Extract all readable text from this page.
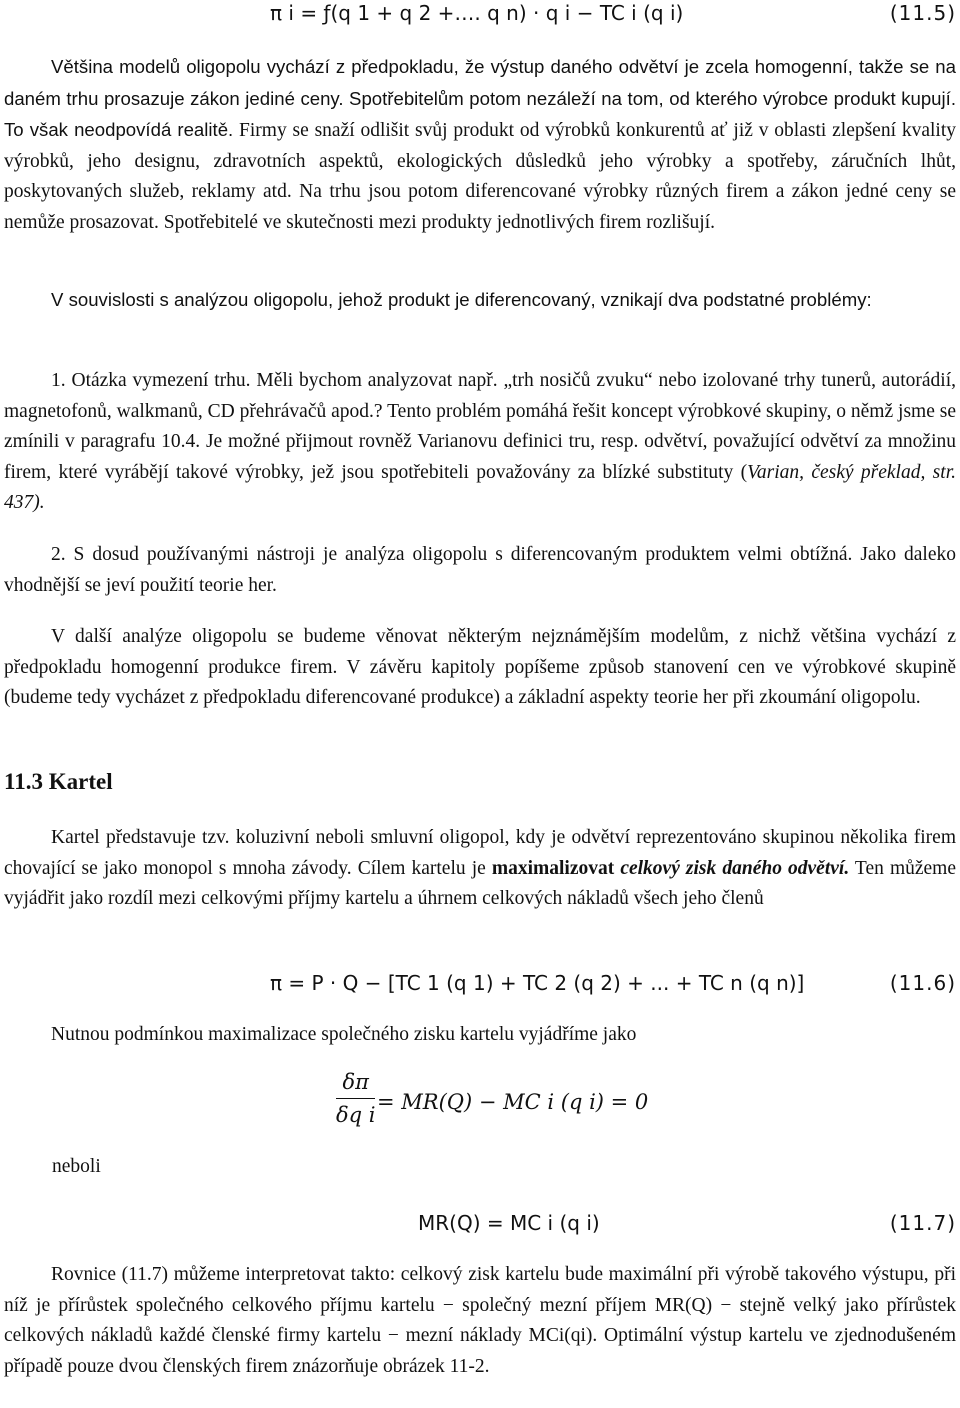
π i = ƒ(q 1 + q 2 +…. q n) · q i − TC i (q i)	(11.5)

Většina modelů oligopolu vychází z předpokladu, že výstup daného odvětví je zcela homogenní, takže se na daném trhu prosazuje zákon jediné ceny. Spotřebitelům potom nezáleží na tom, od kterého výrobce produkt kupují. To však neodpovídá realitě. Firmy se snaží odlišit svůj produkt od výrobků konkurentů ať již v oblasti zlepšení kvality výrobků, jeho designu, zdravotních aspektů, ekologických důsledků jeho výrobky a spotřeby, záručních lhůt, poskytovaných služeb, reklamy atd. Na trhu jsou potom diferencované výrobky různých firem a zákon jedné ceny se nemůže prosazovat. Spotřebitelé ve skutečnosti mezi produkty jednotlivých firem rozlišují.

V souvislosti s analýzou oligopolu, jehož produkt je diferencovaný, vznikají dva podstatné problémy:

1. Otázka vymezení trhu. Měli bychom analyzovat např. „trh nosičů zvuku“ nebo izolované trhy tunerů, autorádií, magnetofonů, walkmanů, CD přehrávačů apod.? Tento problém pomáhá řešit koncept výrobkové skupiny, o němž jsme se zmínili v paragrafu 10.4. Je možné přijmout rovněž Varianovu definici tru, resp. odvětví, považující odvětví za množinu firem, které vyrábějí takové výrobky, jež jsou spotřebiteli považovány za blízké substituty (Varian, český překlad, str. 437).

2. S dosud používanými nástroji je analýza oligopolu s diferencovaným produktem velmi obtížná. Jako daleko vhodnější se jeví použití teorie her.

V další analýze oligopolu se budeme věnovat některým nejznámějším modelům, z nichž většina vychází z předpokladu homogenní produkce firem. V závěru kapitoly popíšeme způsob stanovení cen ve výrobkové skupině (budeme tedy vycházet z předpokladu diferencované produkce) a základní aspekty teorie her při zkoumání oligopolu.

11.3 Kartel

Kartel představuje tzv. koluzivní neboli smluvní oligopol, kdy je odvětví reprezentováno skupinou několika firem chovající se jako monopol s mnoha závody. Cílem kartelu je maximalizovat celkový zisk daného odvětví. Ten můžeme vyjádřit jako rozdíl mezi celkovými příjmy kartelu a úhrnem celkových nákladů všech jeho členů

π = P · Q − [TC 1 (q 1) + TC 2 (q 2) + ... + TC n (q n)]	(11.6)

Nutnou podmínkou maximalizace společného zisku kartelu vyjádříme jako

$\frac{\delta\pi}{\text{δq i}} = MR(Q)$ − MC i (q i) = 0
neboli
MR(Q) = MC i (q i)	(11.7)

Rovnice (11.7) můžeme interpretovat takto: celkový zisk kartelu bude maximální při výrobě takového výstupu, při níž je přírůstek společného celkového příjmu kartelu − společný mezní příjem MR(Q) − stejně velký jako přírůstek celkových nákladů každé členské firmy kartelu − mezní náklady MCi(qi). Optimální výstup kartelu ve zjednodušeném případě pouze dvou členských firem znázorňuje obrázek 11-2.
